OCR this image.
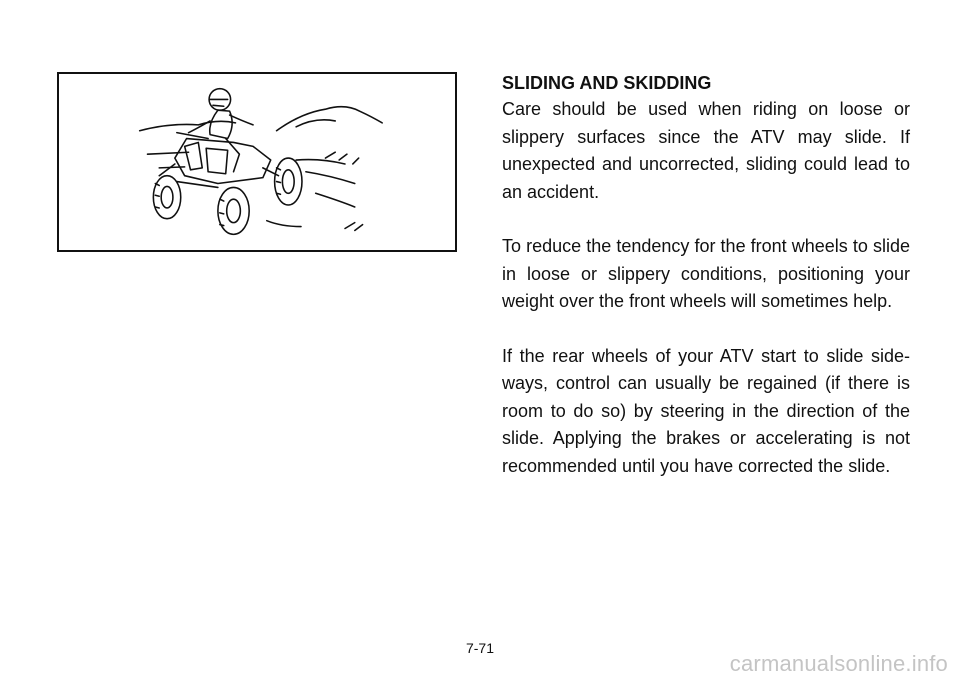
SLIDING AND SKIDDING

Care should be used when riding on loose or slippery surfaces since the ATV may slide. If unexpected and uncorrected, sliding could lead to an accident.

To reduce the tendency for the front wheels to slide in loose or slippery conditions, positioning your weight over the front wheels will sometimes help.

If the rear wheels of your ATV start to slide side-ways, control can usually be regained (if there is room to do so) by steering in the direction of the slide. Applying the brakes or accelerating is not recommended until you have corrected the slide.

7-71
carmanualsonline.info
